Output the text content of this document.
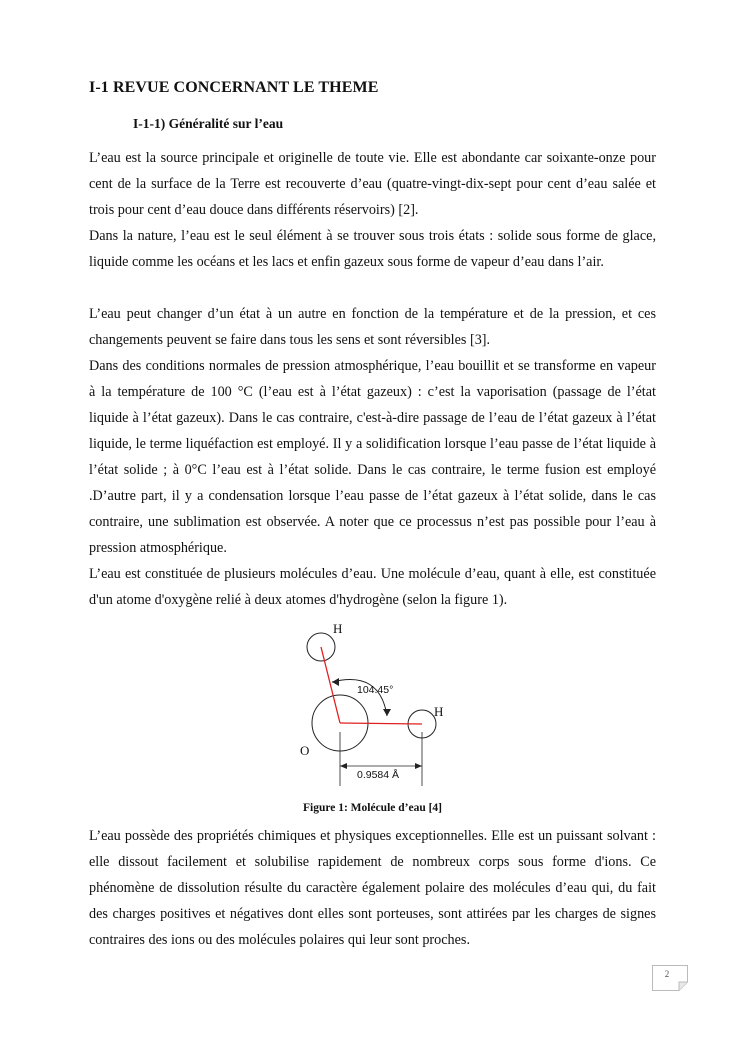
I-1 REVUE CONCERNANT LE THEME
I-1-1) Généralité sur l’eau

L’eau est la source principale et originelle de toute vie. Elle est abondante car soixante-onze pour cent de la surface de la Terre est recouverte d’eau (quatre-vingt-dix-sept pour cent d’eau salée et trois pour cent d’eau douce dans différents réservoirs) [2].

Dans la nature, l’eau est le seul élément à se trouver sous trois états : solide sous forme de glace, liquide comme les océans et les lacs et enfin gazeux sous forme de vapeur d’eau dans l’air.

L’eau peut changer d’un état à un autre en fonction de la température et de la pression, et ces changements peuvent se faire dans tous les sens et sont réversibles [3].

Dans des conditions normales de pression atmosphérique, l’eau bouillit et se transforme en vapeur à la température de 100 °C (l’eau est à l’état gazeux) : c’est la vaporisation (passage de l’état liquide à l’état gazeux). Dans le cas contraire, c'est-à-dire passage de l’eau de l’état gazeux à l’état liquide, le terme liquéfaction est employé. Il y a solidification lorsque l’eau passe de l’état liquide à l’état solide ; à 0°C l’eau est à l’état solide. Dans le cas contraire, le terme fusion est employé .D’autre part, il y a condensation lorsque l’eau passe de l’état gazeux à l’état solide, dans le cas contraire, une sublimation est observée. A noter que ce processus n’est pas possible pour l’eau à pression atmosphérique.

L’eau est constituée de plusieurs molécules d’eau. Une molécule d’eau, quant à elle, est constituée d'un atome d'oxygène relié à deux atomes d'hydrogène (selon la figure 1).

H
O
H
104.45°
0.9584 Å
Figure 1: Molécule d’eau [4]

L’eau possède des propriétés chimiques et physiques exceptionnelles. Elle est un puissant solvant : elle dissout facilement et solubilise rapidement de nombreux corps sous forme d'ions. Ce phénomène de dissolution résulte du caractère également polaire des molécules d’eau qui, du fait des charges positives et négatives dont elles sont porteuses, sont attirées par les charges de signes contraires des ions ou des molécules polaires qui leur sont proches.

2
